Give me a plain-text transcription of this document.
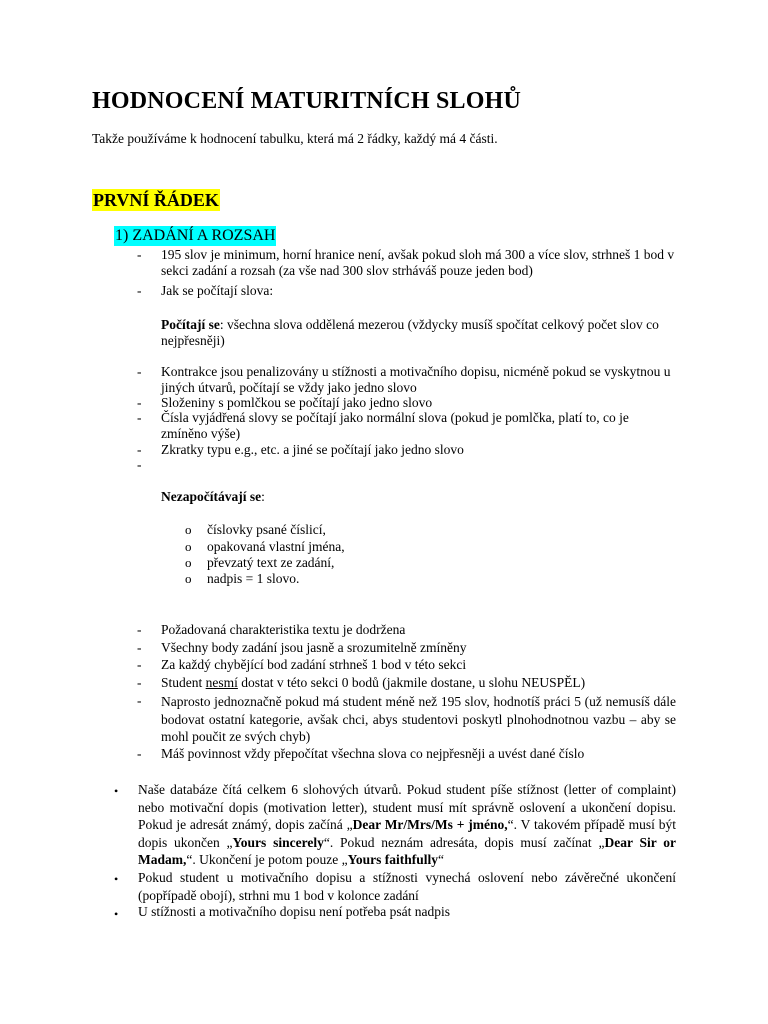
HODNOCENÍ MATURITNÍCH SLOHŮ
Takže používáme k hodnocení tabulku, která má 2 řádky, každý má 4 části.
PRVNÍ ŘÁDEK
1) ZADÁNÍ A ROZSAH
- 195 slov je minimum, horní hranice není, avšak pokud sloh má 300 a více slov, strhneš 1 bod v sekci zadání a rozsah (za vše nad 300 slov strháváš pouze jeden bod)
- Jak se počítají slova:
Počítají se: všechna slova oddělená mezerou (vždycky musíš spočítat celkový počet slov co nejpřesněji)
- Kontrakce jsou penalizovány u stížnosti a motivačního dopisu, nicméně pokud se vyskytnou u jiných útvarů, počítají se vždy jako jedno slovo
- Složeniny s pomlčkou se počítají jako jedno slovo
- Čísla vyjádřená slovy se počítají jako normální slova (pokud je pomlčka, platí to, co je zmíněno výše)
- Zkratky typu e.g., etc. a jiné se počítají jako jedno slovo
-
Nezapočítávají se:
o číslovky psané číslicí,
o opakovaná vlastní jména,
o převzatý text ze zadání,
o nadpis = 1 slovo.
- Požadovaná charakteristika textu je dodržena
- Všechny body zadání jsou jasně a srozumitelně zmíněny
- Za každý chybějící bod zadání strhneš 1 bod v této sekci
- Student nesmí dostat v této sekci 0 bodů (jakmile dostane, u slohu NEUSPĚL)
- Naprosto jednoznačně pokud má student méně než 195 slov, hodnotíš práci 5 (už nemusíš dále bodovat ostatní kategorie, avšak chci, abys studentovi poskytl plnohodnotnou vazbu – aby se mohl poučit ze svých chyb)
- Máš povinnost vždy přepočítat všechna slova co nejpřesněji a uvést dané číslo
• Naše databáze čítá celkem 6 slohových útvarů. Pokud student píše stížnost (letter of complaint) nebo motivační dopis (motivation letter), student musí mít správně oslovení a ukončení dopisu. Pokud je adresát známý, dopis začíná „Dear Mr/Mrs/Ms + jméno,“. V takovém případě musí být dopis ukončen „Yours sincerely“. Pokud neznám adresáta, dopis musí začínat „Dear Sir or Madam,“. Ukončení je potom pouze „Yours faithfully“
• Pokud student u motivačního dopisu a stížnosti vynechá oslovení nebo závěrečné ukončení (popřípadě obojí), strhni mu 1 bod v kolonce zadání
• U stížnosti a motivačního dopisu není potřeba psát nadpis
